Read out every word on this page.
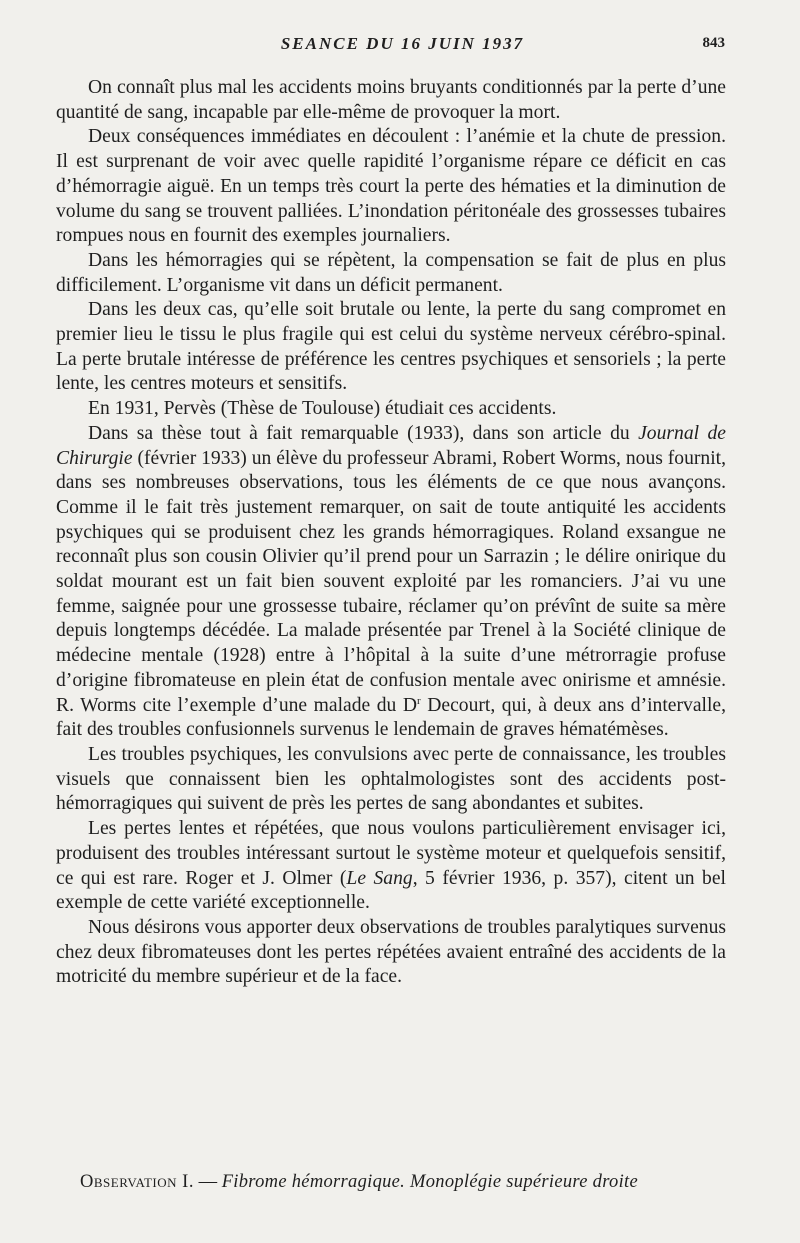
SEANCE DU 16 JUIN 1937	843

On connaît plus mal les accidents moins bruyants conditionnés par la perte d’une quantité de sang, incapable par elle-même de provoquer la mort.

Deux conséquences immédiates en découlent : l’anémie et la chute de pression. Il est surprenant de voir avec quelle rapidité l’organisme répare ce déficit en cas d’hémorragie aiguë. En un temps très court la perte des hématies et la diminution de volume du sang se trouvent palliées. L’inondation péritonéale des grossesses tubaires rompues nous en fournit des exemples journaliers.

Dans les hémorragies qui se répètent, la compensation se fait de plus en plus difficilement. L’organisme vit dans un déficit permanent.

Dans les deux cas, qu’elle soit brutale ou lente, la perte du sang compromet en premier lieu le tissu le plus fragile qui est celui du système nerveux cérébro-spinal. La perte brutale intéresse de préférence les centres psychiques et sensoriels ; la perte lente, les centres moteurs et sensitifs.

En 1931, Pervès (Thèse de Toulouse) étudiait ces accidents.

Dans sa thèse tout à fait remarquable (1933), dans son article du Journal de Chirurgie (février 1933) un élève du professeur Abrami, Robert Worms, nous fournit, dans ses nombreuses observations, tous les éléments de ce que nous avançons. Comme il le fait très justement remarquer, on sait de toute antiquité les accidents psychiques qui se produisent chez les grands hémorragiques. Roland exsangue ne reconnaît plus son cousin Olivier qu’il prend pour un Sarrazin ; le délire onirique du soldat mourant est un fait bien souvent exploité par les romanciers. J’ai vu une femme, saignée pour une grossesse tubaire, réclamer qu’on prévînt de suite sa mère depuis longtemps décédée. La malade présentée par Trenel à la Société clinique de médecine mentale (1928) entre à l’hôpital à la suite d’une métrorragie profuse d’origine fibromateuse en plein état de confusion mentale avec onirisme et amnésie. R. Worms cite l’exemple d’une malade du $D^r$ Decourt, qui, à deux ans d’intervalle, fait des troubles confusionnels survenus le lendemain de graves hématémèses.

Les troubles psychiques, les convulsions avec perte de connaissance, les troubles visuels que connaissent bien les ophtalmologistes sont des accidents post-hémorragiques qui suivent de près les pertes de sang abondantes et subites.

Les pertes lentes et répétées, que nous voulons particulièrement envisager ici, produisent des troubles intéressant surtout le système moteur et quelquefois sensitif, ce qui est rare. Roger et J. Olmer (Le Sang, 5 février 1936, p. 357), citent un bel exemple de cette variété exceptionnelle.

Nous désirons vous apporter deux observations de troubles paralytiques survenus chez deux fibromateuses dont les pertes répétées avaient entraîné des accidents de la motricité du membre supérieur et de la face.

Observation I. — Fibrome hémorragique. Monoplégie supérieure droite
